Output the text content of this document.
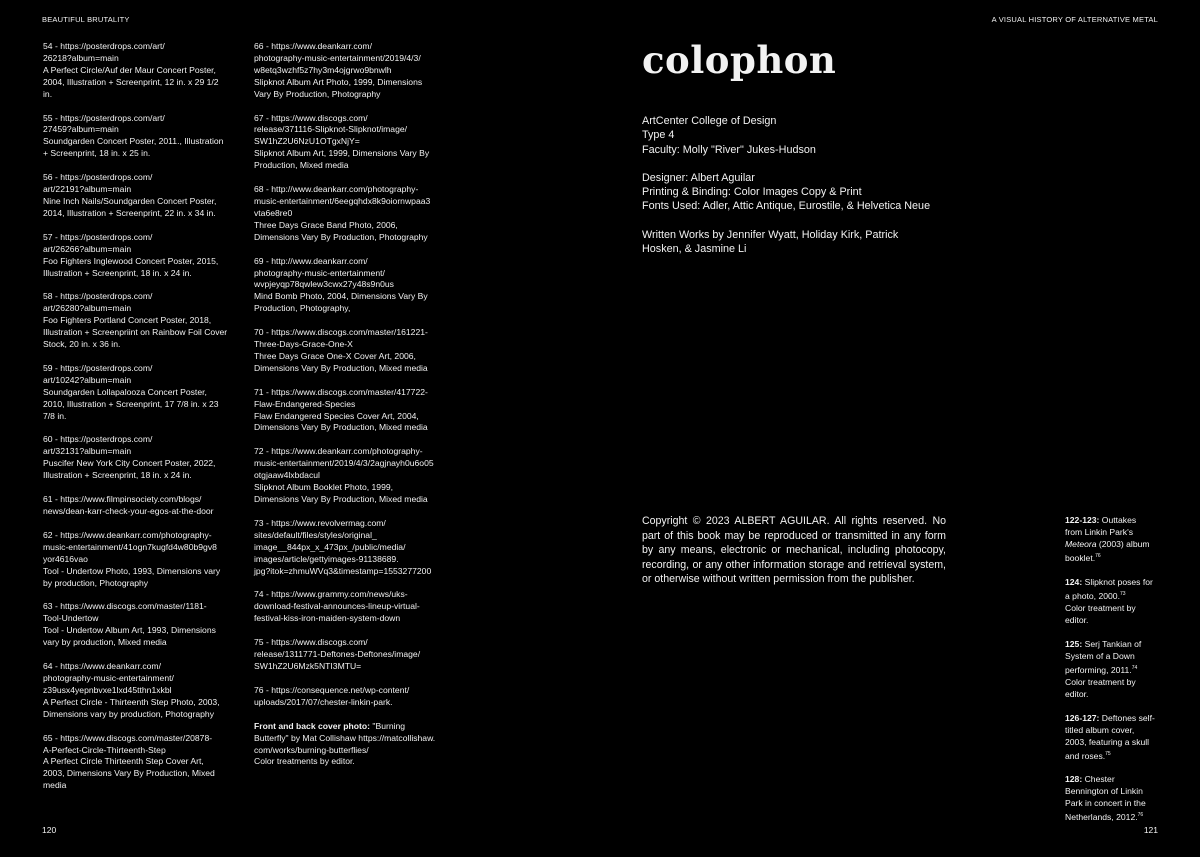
BEAUTIFUL BRUTALITY
54 - https://posterdrops.com/art/
26218?album=main
A Perfect Circle/Auf der Maur Concert Poster,
2004, Illustration + Screenprint, 12 in. x 29 1/2
in.
55 - https://posterdrops.com/art/
27459?album=main
Soundgarden Concert Poster, 2011., Illustration
+ Screenprint, 18 in. x 25 in.
56 - https://posterdrops.com/
art/22191?album=main
Nine Inch Nails/Soundgarden Concert Poster,
2014, Illustration + Screenprint, 22 in. x 34 in.
57 - https://posterdrops.com/
art/26266?album=main
Foo Fighters Inglewood Concert Poster, 2015,
Illustration + Screenprint, 18 in. x 24 in.
58 - https://posterdrops.com/
art/26280?album=main
Foo Fighters Portland Concert Poster, 2018,
Illustration + Screenpriint on Rainbow Foil Cover
Stock, 20 in. x 36 in.
59 - https://posterdrops.com/
art/10242?album=main
Soundgarden Lollapalooza Concert Poster,
2010, Illustration + Screenprint, 17 7/8 in. x 23
7/8 in.
60 - https://posterdrops.com/
art/32131?album=main
Puscifer New York City Concert Poster, 2022,
Illustration + Screenprint, 18 in. x 24 in.
61 - https://www.filmpinsociety.com/blogs/
news/dean-karr-check-your-egos-at-the-door
62 - https://www.deankarr.com/photography-
music-entertainment/41ogn7kugfd4w80b9gv8
yor4616vao
Tool - Undertow Photo, 1993, Dimensions vary
by production, Photography
63 - https://www.discogs.com/master/1181-
Tool-Undertow
Tool - Undertow Album Art, 1993, Dimensions
vary by production, Mixed media
64 - https://www.deankarr.com/
photography-music-entertainment/
z39usx4yepnbvxe1lxd45tthn1xkbl
A Perfect Circle - Thirteenth Step Photo, 2003,
Dimensions vary by production, Photography
65 - https://www.discogs.com/master/20878-
A-Perfect-Circle-Thirteenth-Step
A Perfect Circle Thirteenth Step Cover Art,
2003, Dimensions Vary By Production, Mixed
media
66 - https://www.deankarr.com/
photography-music-entertainment/2019/4/3/
w8etq3wzhf5z7hy3m4ojgrwo9bnwlh
Slipknot Album Art Photo, 1999, Dimensions
Vary By Production, Photography
67 - https://www.discogs.com/
release/371116-Slipknot-Slipknot/image/
SW1hZ2U6NzU1OTgxNjY=
Slipknot Album Art, 1999, Dimensions Vary By
Production, Mixed media
68 - http://www.deankarr.com/photography-
music-entertainment/6eegqhdx8k9oiornwpaa3
vta6e8re0
Three Days Grace Band Photo, 2006,
Dimensions Vary By Production, Photography
69 - http://www.deankarr.com/
photography-music-entertainment/
wvpjeyqp78qwlew3cwx27y48s9n0us
Mind Bomb Photo, 2004, Dimensions Vary By
Production, Photography,
70 - https://www.discogs.com/master/161221-
Three-Days-Grace-One-X
Three Days Grace One-X Cover Art, 2006,
Dimensions Vary By Production, Mixed media
71 - https://www.discogs.com/master/417722-
Flaw-Endangered-Species
Flaw Endangered Species Cover Art, 2004,
Dimensions Vary By Production, Mixed media
72 - https://www.deankarr.com/photography-
music-entertainment/2019/4/3/2agjnayh0u6o05
otgjaaw4lxbdacul
Slipknot Album Booklet Photo, 1999,
Dimensions Vary By Production, Mixed media
73 - https://www.revolvermag.com/
sites/default/files/styles/original_
image__844px_x_473px_/public/media/
images/article/gettyimages-91138689.
jpg?itok=zhmuWVq3&timestamp=1553277200
74 - https://www.grammy.com/news/uks-
download-festival-announces-lineup-virtual-
festival-kiss-iron-maiden-system-down
75 - https://www.discogs.com/
release/1311771-Deftones-Deftones/image/
SW1hZ2U6Mzk5NTI3MTU=
76 - https://consequence.net/wp-content/
uploads/2017/07/chester-linkin-park.
Front and back cover photo: "Burning
Butterfly" by Mat Collishaw https://matcollishaw.
com/works/burning-butterflies/
Color treatments by editor.
120
A VISUAL HISTORY OF ALTERNATIVE METAL
colophon
ArtCenter College of Design
Type 4
Faculty: Molly "River" Jukes-Hudson
Designer: Albert Aguilar
Printing & Binding: Color Images Copy & Print
Fonts Used: Adler, Attic Antique, Eurostile, & Helvetica Neue
Written Works by Jennifer Wyatt, Holiday Kirk, Patrick
Hosken, & Jasmine Li
Copyright © 2023 ALBERT AGUILAR. All rights reserved. No part of this book may be reproduced or transmitted in any form by any means, electronic or mechanical, including photocopy, recording, or any other information storage and retrieval system, or otherwise without written permission from the publisher.
122-123: Outtakes from Linkin Park's Meteora (2003) album booklet.$^{76}$
124: Slipknot poses for a photo, 2000.73
Color treatment by editor.
125: Serj Tankian of System of a Down performing, 2011.74
Color treatment by editor.
126-127: Deftones self-titled album cover, 2003, featuring a skull and roses.$^{75}$
128: Chester Bennington of Linkin Park in concert in the Netherlands, 2012.76
121
